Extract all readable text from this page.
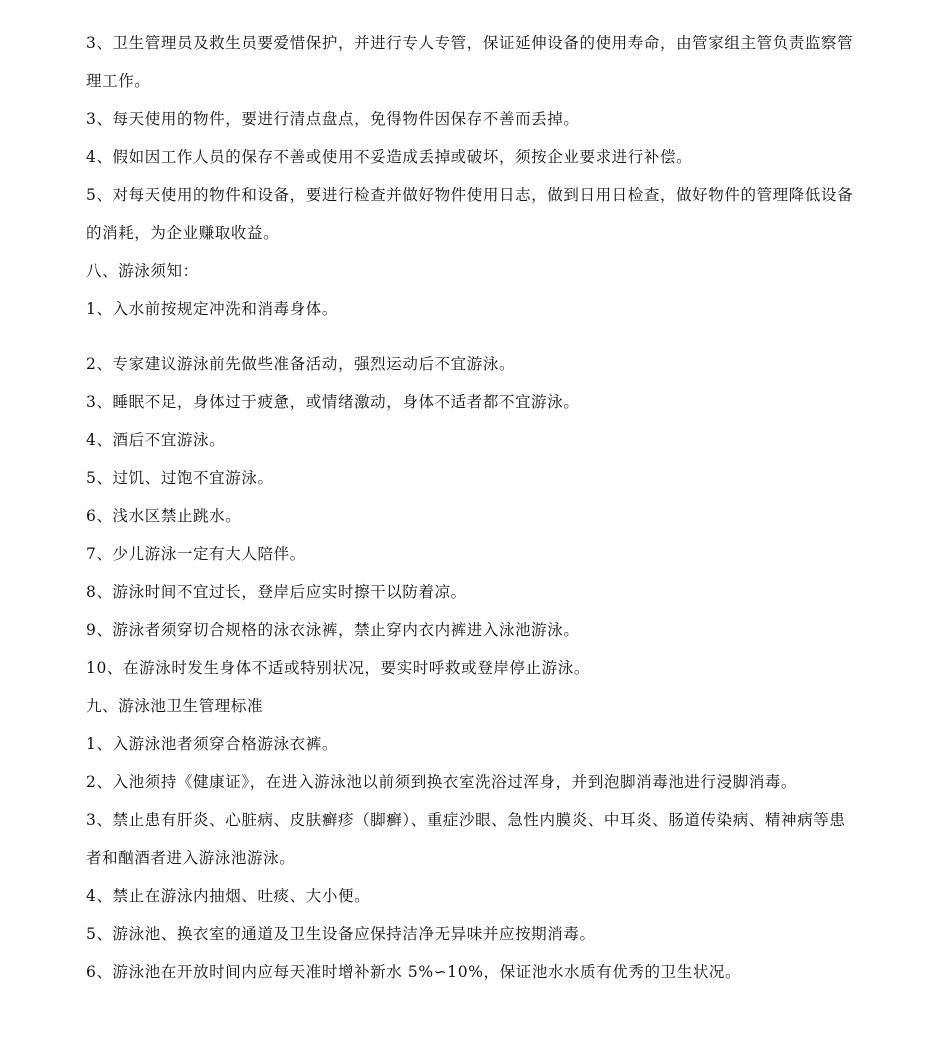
3、卫生管理员及救生员要爱惜保护，并进行专人专管，保证延伸设备的使用寿命，由管家组主管负责监察管理工作。

3、每天使用的物件，要进行清点盘点，免得物件因保存不善而丢掉。

4、假如因工作人员的保存不善或使用不妥造成丢掉或破坏，须按企业要求进行补偿。

5、对每天使用的物件和设备，要进行检查并做好物件使用日志，做到日用日检查，做好物件的管理降低设备的消耗，为企业赚取收益。

八、游泳须知：

1、入水前按规定冲洗和消毒身体。

2、专家建议游泳前先做些准备活动，强烈运动后不宜游泳。

3、睡眠不足，身体过于疲惫，或情绪激动，身体不适者都不宜游泳。

4、酒后不宜游泳。

5、过饥、过饱不宜游泳。

6、浅水区禁止跳水。

7、少儿游泳一定有大人陪伴。

8、游泳时间不宜过长，登岸后应实时擦干以防着凉。

9、游泳者须穿切合规格的泳衣泳裤，禁止穿内衣内裤进入泳池游泳。

10、在游泳时发生身体不适或特别状况，要实时呼救或登岸停止游泳。

九、游泳池卫生管理标准

1、入游泳池者须穿合格游泳衣裤。

2、入池须持《健康证》，在进入游泳池以前须到换衣室洗浴过浑身，并到泡脚消毒池进行浸脚消毒。

3、禁止患有肝炎、心脏病、皮肤癣疹（脚癣）、重症沙眼、急性内膜炎、中耳炎、肠道传染病、精神病等患者和酗酒者进入游泳池游泳。

4、禁止在游泳内抽烟、吐痰、大小便。

5、游泳池、换衣室的通道及卫生设备应保持洁净无异味并应按期消毒。

6、游泳池在开放时间内应每天准时增补新水 5%∽10%，保证池水水质有优秀的卫生状况。
